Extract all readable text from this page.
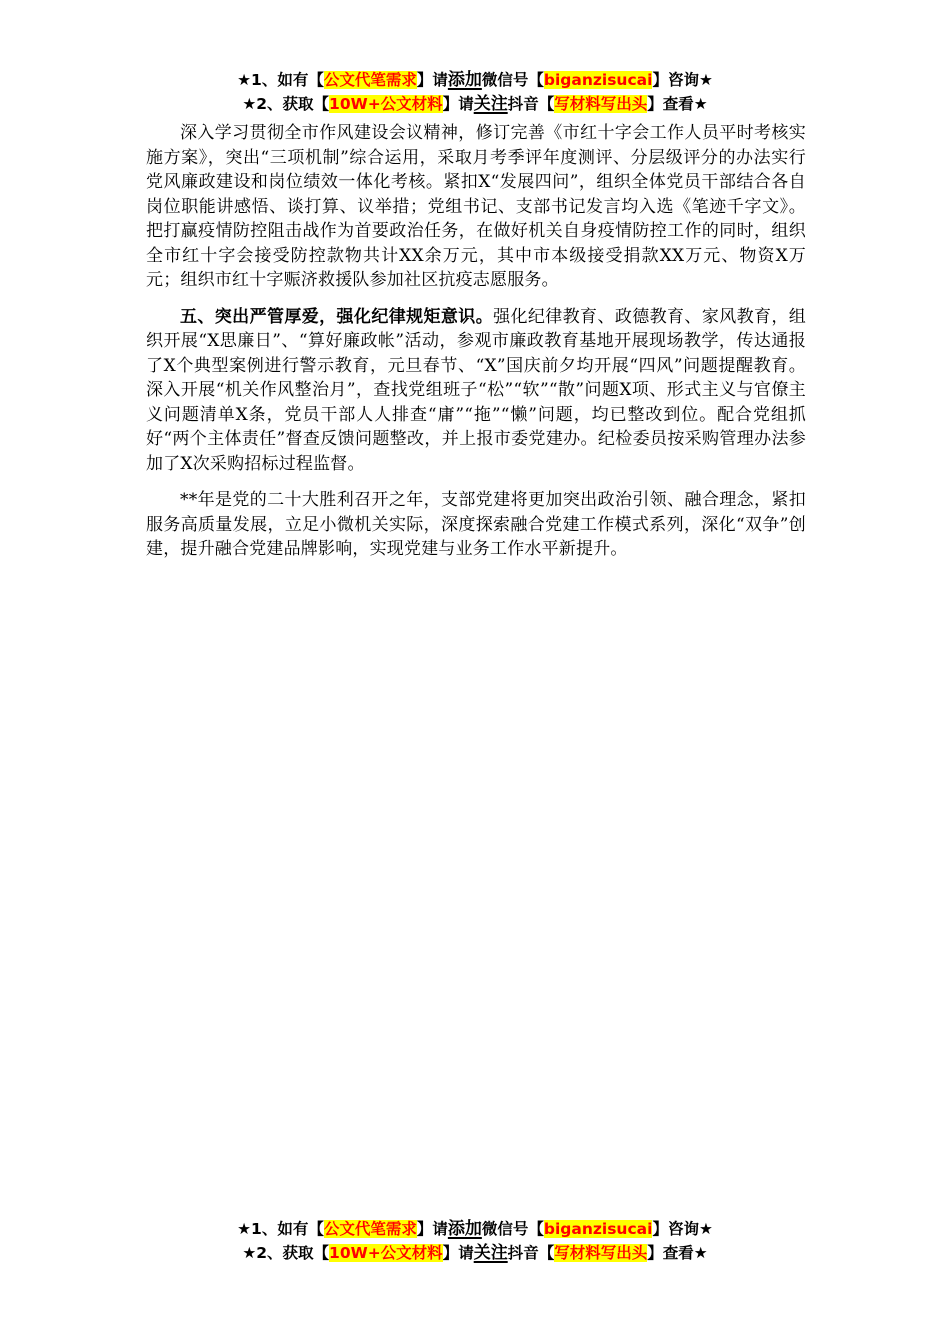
★1、如有【公文代笔需求】请添加微信号【biganzisucai】咨询★
★2、获取【10W+公文材料】请关注抖音【写材料写出头】查看★

深入学习贯彻全市作风建设会议精神，修订完善《市红十字会工作人员平时考核实施方案》，突出“三项机制”综合运用，采取月考季评年度测评、分层级评分的办法实行党风廉政建设和岗位绩效一体化考核。紧扣X“发展四问”，组织全体党员干部结合各自岗位职能讲感悟、谈打算、议举措；党组书记、支部书记发言均入选《笔迹千字文》。把打赢疫情防控阻击战作为首要政治任务，在做好机关自身疫情防控工作的同时，组织全市红十字会接受防控款物共计XX余万元，其中市本级接受捐款XX万元、物资X万元；组织市红十字赈济救援队参加社区抗疫志愿服务。

五、突出严管厚爱，强化纪律规矩意识。强化纪律教育、政德教育、家风教育，组织开展“X思廉日”、“算好廉政帐”活动，参观市廉政教育基地开展现场教学，传达通报了X个典型案例进行警示教育，元旦春节、“X”国庆前夕均开展“四风”问题提醒教育。深入开展“机关作风整治月”，查找党组班子“松”“软”“散”问题X项、形式主义与官僚主义问题清单X条，党员干部人人排查“庸”“拖”“懒”问题，均已整改到位。配合党组抓好“两个主体责任”督查反馈问题整改，并上报市委党建办。纪检委员按采购管理办法参加了X次采购招标过程监督。

**年是党的二十大胜利召开之年，支部党建将更加突出政治引领、融合理念，紧扣服务高质量发展，立足小微机关实际，深度探索融合党建工作模式系列，深化“双争”创建，提升融合党建品牌影响，实现党建与业务工作水平新提升。

★1、如有【公文代笔需求】请添加微信号【biganzisucai】咨询★
★2、获取【10W+公文材料】请关注抖音【写材料写出头】查看★
